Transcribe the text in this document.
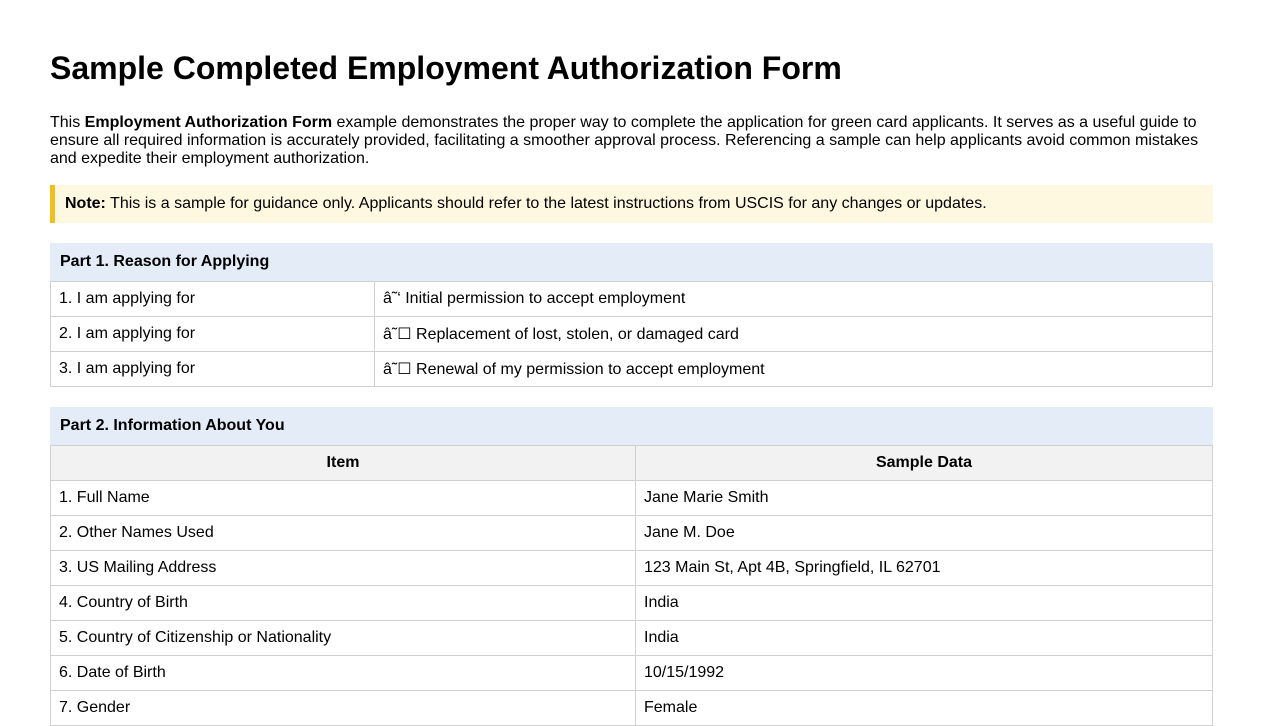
Sample Completed Employment Authorization Form

This Employment Authorization Form example demonstrates the proper way to complete the application for green card applicants. It serves as a useful guide to ensure all required information is accurately provided, facilitating a smoother approval process. Referencing a sample can help applicants avoid common mistakes and expedite their employment authorization.

Note: This is a sample for guidance only. Applicants should refer to the latest instructions from USCIS for any changes or updates.
Part 1. Reason for Applying
1. I am applying for	â˜‘ Initial permission to accept employment
2. I am applying for	â˜☐ Replacement of lost, stolen, or damaged card
3. I am applying for	â˜☐ Renewal of my permission to accept employment
Part 2. Information About You
Item	Sample Data
1. Full Name	Jane Marie Smith
2. Other Names Used	Jane M. Doe
3. US Mailing Address	123 Main St, Apt 4B, Springfield, IL 62701
4. Country of Birth	India
5. Country of Citizenship or Nationality	India
6. Date of Birth	10/15/1992
7. Gender	Female
